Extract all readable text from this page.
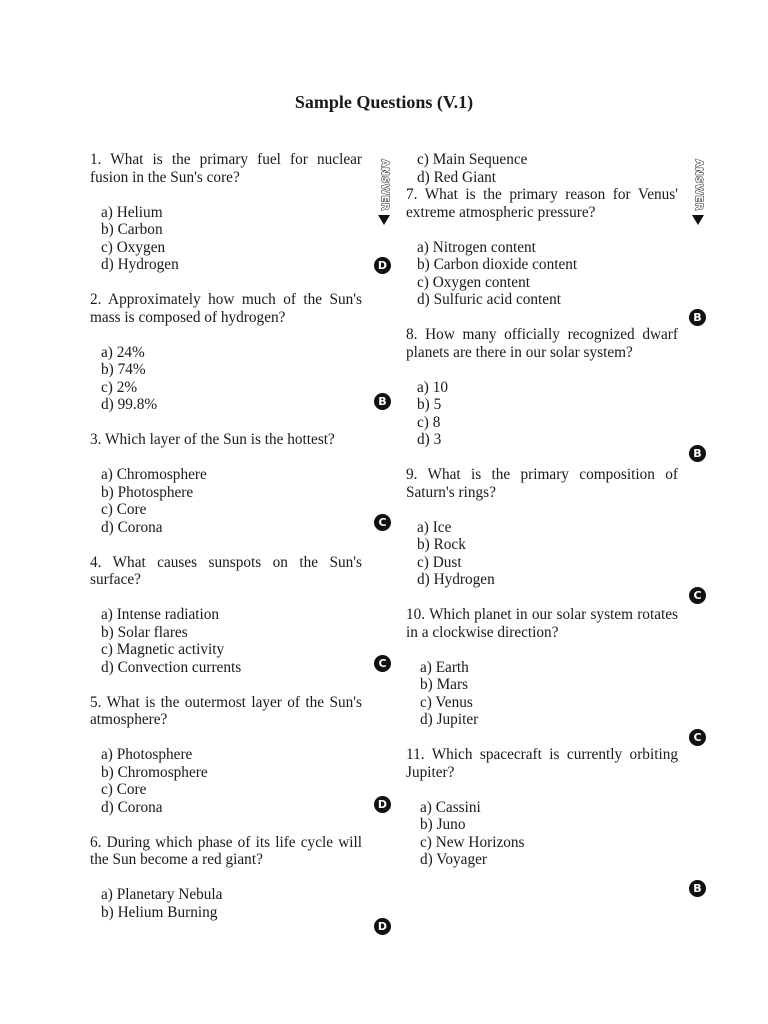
Sample Questions (V.1)

1. What is the primary fuel for nuclear fusion in the Sun's core?

a) Helium
b) Carbon
c) Oxygen
d) Hydrogen

2. Approximately how much of the Sun's mass is composed of hydrogen?

a) 24%
b) 74%
c) 2%
d) 99.8%

3. Which layer of the Sun is the hottest?

a) Chromosphere
b) Photosphere
c) Core
d) Corona

4. What causes sunspots on the Sun's surface?

a) Intense radiation
b) Solar flares
c) Magnetic activity
d) Convection currents

5. What is the outermost layer of the Sun's atmosphere?

a) Photosphere
b) Chromosphere
c) Core
d) Corona

6. During which phase of its life cycle will the Sun become a red giant?

a) Planetary Nebula
b) Helium Burning
c) Main Sequence
d) Red Giant

7. What is the primary reason for Venus' extreme atmospheric pressure?

a) Nitrogen content
b) Carbon dioxide content
c) Oxygen content
d) Sulfuric acid content

8. How many officially recognized dwarf planets are there in our solar system?

a) 10
b) 5
c) 8
d) 3

9. What is the primary composition of Saturn's rings?

a) Ice
b) Rock
c) Dust
d) Hydrogen

10. Which planet in our solar system rotates in a clockwise direction?

a) Earth
b) Mars
c) Venus
d) Jupiter

11. Which spacecraft is currently orbiting Jupiter?

a) Cassini
b) Juno
c) New Horizons
d) Voyager
ANSWER	ANSWER
D
B
C
C
D
D
B
B
C
C
B
